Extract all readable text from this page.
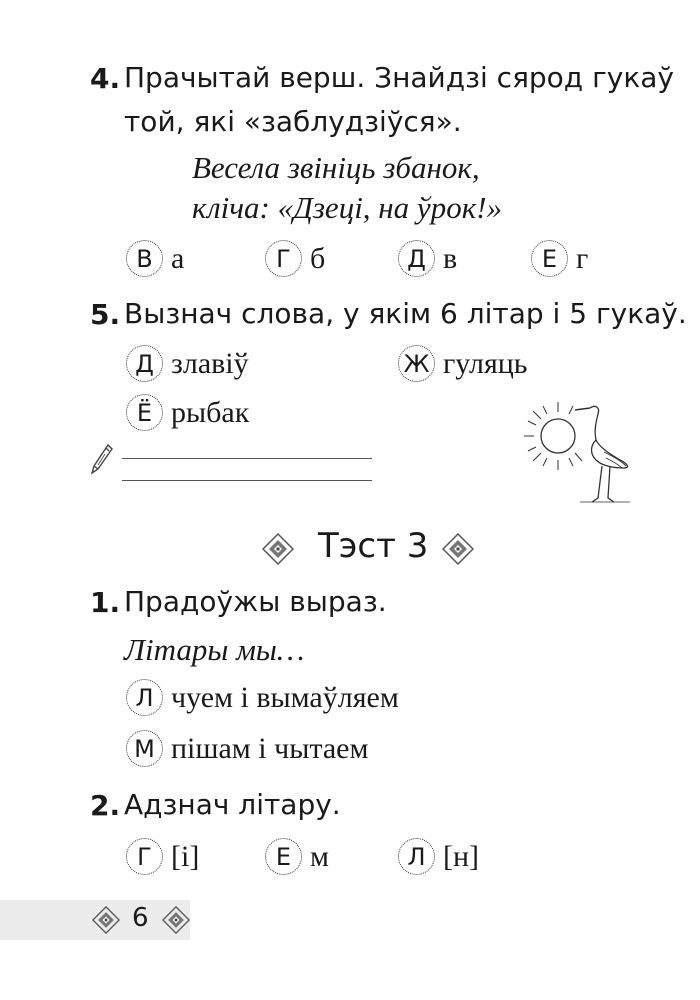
4. Прачытай верш. Знайдзі сярод гукаў
той, які «заблудзіўся».
Весела звініць збанок,
кліча: «Дзеці, на ўрок!»
В а	Г б	Д в	Е г
5. Вызнач слова, у якім 6 літар і 5 гукаў.
Д злавіў	Ж гуляць
Ё рыбак
Тэст 3
1. Прадоўжы выраз.
Літары мы…
Л чуем і вымаўляем
М пішам і чытаем
2. Адзнач літару.
Г [і]	Е м	Л [н]
6
